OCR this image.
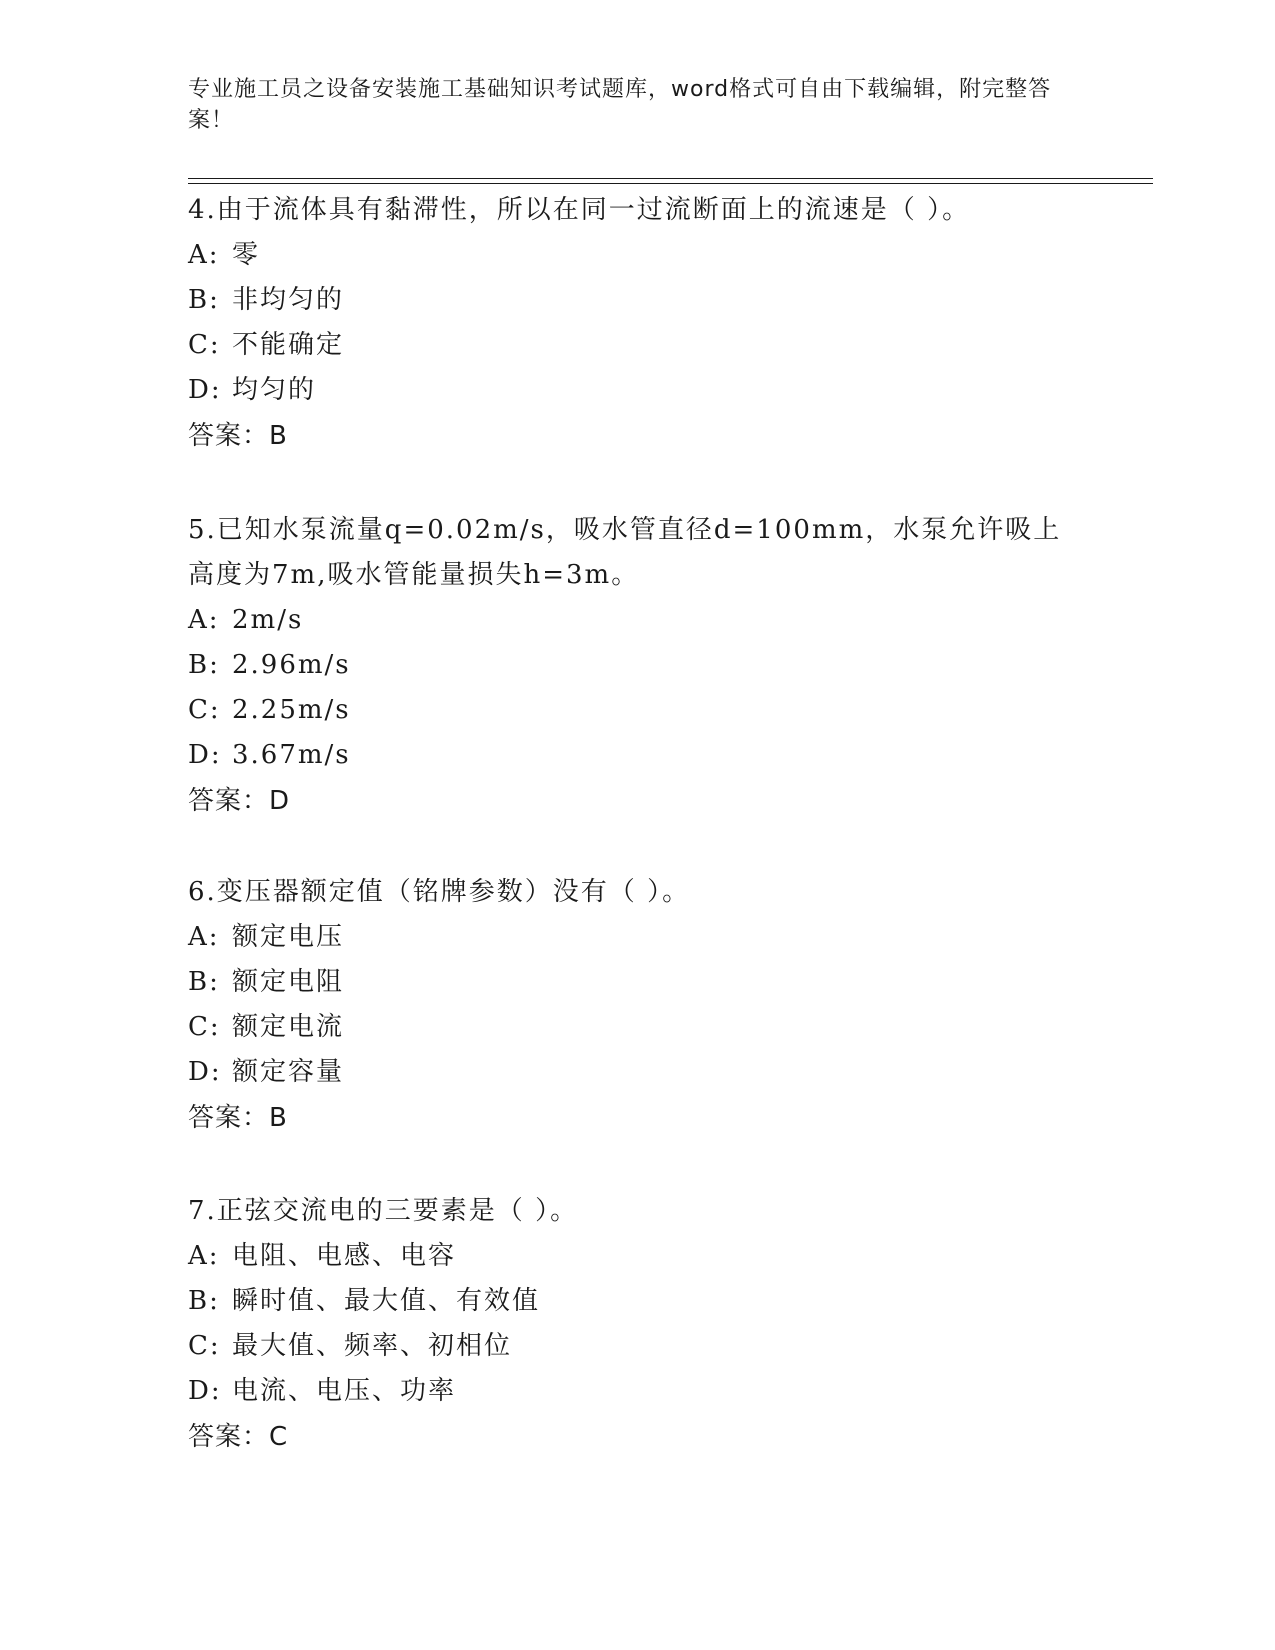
专业施工员之设备安装施工基础知识考试题库，word格式可自由下载编辑，附完整答案！
4.由于流体具有黏滞性，所以在同一过流断面上的流速是（ ）。
A: 零
B: 非均匀的
C: 不能确定
D: 均匀的
答案：B
5.已知水泵流量q=0.02m/s，吸水管直径d=100mm，水泵允许吸上高度为7m,吸水管能量损失h=3m。
A: 2m/s
B: 2.96m/s
C: 2.25m/s
D: 3.67m/s
答案：D
6.变压器额定值（铭牌参数）没有（ ）。
A: 额定电压
B: 额定电阻
C: 额定电流
D: 额定容量
答案：B
7.正弦交流电的三要素是（ ）。
A: 电阻、电感、电容
B: 瞬时值、最大值、有效值
C: 最大值、频率、初相位
D: 电流、电压、功率
答案：C
